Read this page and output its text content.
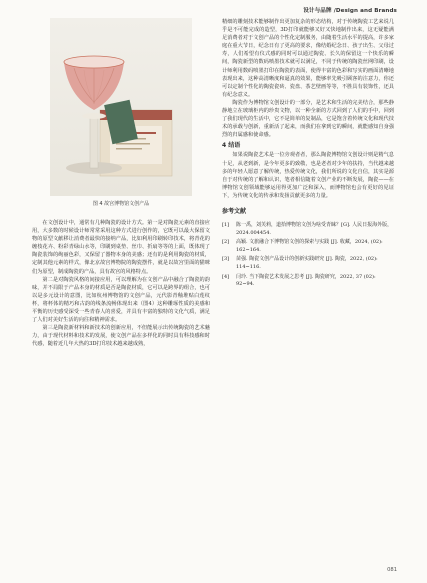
设计与品牌 /Design and Brands
图 4 故宫博物馆文创产品

在文创设计中，通常有几种陶瓷的设计方式。第一是对陶瓷元素的直接应用，大多数的时候设计师常常采用这种方式进行创作的，它既可以最大保留文物的原型文献移让消费者最快的接纳产品，比如利用印刷转印技术，将青花的缠枝花卉、粉彩青绿山水等，印刷到桌垫、丝巾、折扇等等的上面，既体现了陶瓷装饰的绚丽色彩，又保留了器物本身的美感；还有的是利用陶瓷的材质，定制其他元素的样式，像北京故宫博物院的陶瓷摆件，就是以故宫里面的猫咪们为原型，制成陶瓷的产品，具有故宫的风格特点。

第二是对陶瓷风格的间接应用，可以理解为在文创产品中融合了陶瓷的韵味，并不局限于产品本身的材质是否是陶瓷材质，它可以是跨界的组合，也可以是多元设计的意图，比如杭州博物馆的文创产品，元代影青釉堆贴白莲纹杯，将杯体的精巧和古韵的线条流畅体现出来（图4）这种雕琢性质的美感和平衡的历史感受深受一些青春人的喜爱，并具有丰富的独特的文化气质，满足了人们对美好生活的向往和精神需求。

第三是陶瓷新材料和新技术的创新应用，不但能展示出传统陶瓷的艺术魅力，由于现代材料和技术的发展，使文创产品在多样化的同时具有科技感和时代感，随着近几年大热的3D打印技术越来越成熟，

精细的雕刻技术能够制作出更加复杂的形态结构，对于传统陶瓷工艺来说几乎是不可能完成的造型，3D打印就能够又好又快地制作出来，这无疑能满足消费者对于文创产品的个性化定制服务，由随着生活水平的提高，许多家庭在重大节日，纪念日有了更高的要求，像结婚纪念日、孩子出生、父母过寿，人们希望有仪式感的同时可以通过陶瓷、长久的保留这一个快乐的瞬间，陶瓷新型的数码喷墨技术就可以满足，不同于传统的陶瓷丝网印刷，设计师利用数码喷墨打印在陶瓷的表面，使得丰富的色彩和写实的画面清晰地表现出来，这种高清晰度和逼真的效果，能够率先吸引顾客的注意力，你还可以定制个性化的陶瓷瓷砖、瓷盘、茶艺壁画等等，不胜具有装饰性，还具有纪念意义。

陶瓷作为博物馆文创设计的一部分，是艺术和生活的完美结合，那些静静地立在玻璃柜内的珍贵文物，以一种全新的方式回到了人们的手中，回到了我们现代的生活中，它不是简单的复制品，它是饱含着传统文化和现代技术的承载与创新，重新活了起来，而我们在拿到它的瞬间，就能感知自身强烈的归属感和使命感。

4 结语

如果说陶瓷艺术是一位旁观者者，那么陶瓷博物馆文创设计则是精气息十足，从老到新，是今年更多的致敬，也是老者对少年的扶持，当代越来越多的年轻人愿意了解传统，热爱传统文化，我们所说的文化自信，其实是源自于对传统的了解和认识，笔者相信随着文创产业的不断发展，陶瓷——在博物馆文创领域能够运用得更加广泛和深入，而博物馆也会有更好的见证下，为传统文化的传承和发扬贡献更多的力量。

参考文献
[1]	陈一禹，刘芙莉，道拾博物馆文创为啥受青睐？[G]. 人民日报海外版，2024.004454.
[2]	高颖. 文旅融合下博物馆文创的探索与实践 [J]. 收藏，2024, (02): 162~164.
[3]	苗强. 陶瓷文创产品设计的创新实践研究 [J]. 陶瓷，2022, (02): 114~116.
[4]	闫玲. 当下陶瓷艺术发展之思考 [J]. 陶瓷研究，2022, 37 (02): 92~94.
081
